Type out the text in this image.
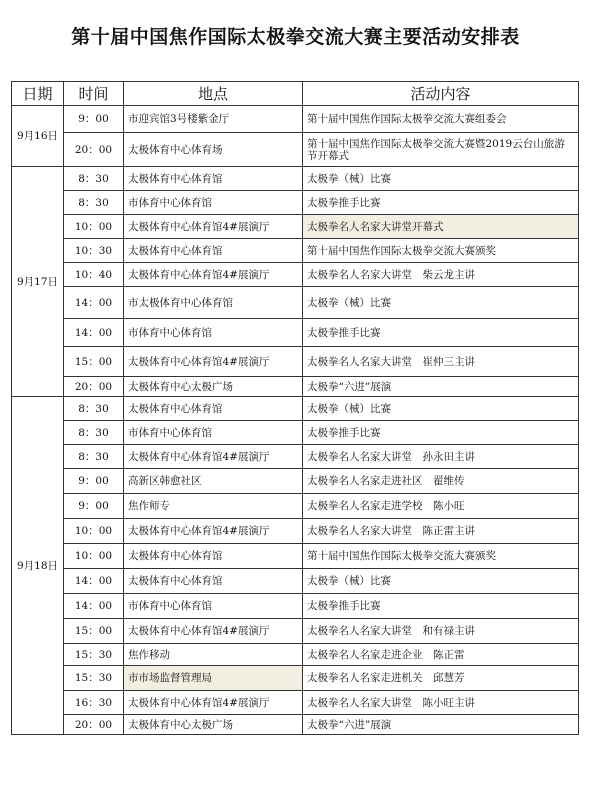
第十届中国焦作国际太极拳交流大赛主要活动安排表
日期	时间	地点	活动内容
9月16日	9：00	市迎宾馆3号楼紫金厅	第十届中国焦作国际太极拳交流大赛组委会
	20：00	太极体育中心体育场	第十届中国焦作国际太极拳交流大赛暨2019云台山旅游节开幕式
9月17日	8：30	太极体育中心体育馆	太极拳（械）比赛
	8：30	市体育中心体育馆	太极拳推手比赛
	10：00	太极体育中心体育馆4#展演厅	太极拳名人名家大讲堂开幕式
	10：30	太极体育中心体育馆	第十届中国焦作国际太极拳交流大赛颁奖
	10：40	太极体育中心体育馆4#展演厅	太极拳名人名家大讲堂　柴云龙主讲
	14：00	市太极体育中心体育馆	太极拳（械）比赛
	14：00	市体育中心体育馆	太极拳推手比赛
	15：00	太极体育中心体育馆4#展演厅	太极拳名人名家大讲堂　崔仲三主讲
	20：00	太极体育中心太极广场	太极拳“六进”展演
9月18日	8：30	太极体育中心体育馆	太极拳（械）比赛
	8：30	市体育中心体育馆	太极拳推手比赛
	8：30	太极体育中心体育馆4#展演厅	太极拳名人名家大讲堂　孙永田主讲
	9：00	高新区韩愈社区	太极拳名人名家走进社区　翟维传
	9：00	焦作师专	太极拳名人名家走进学校　陈小旺
	10：00	太极体育中心体育馆4#展演厅	太极拳名人名家大讲堂　陈正雷主讲
	10：00	太极体育中心体育馆	第十届中国焦作国际太极拳交流大赛颁奖
	14：00	太极体育中心体育馆	太极拳（械）比赛
	14：00	市体育中心体育馆	太极拳推手比赛
	15：00	太极体育中心体育馆4#展演厅	太极拳名人名家大讲堂　和有禄主讲
	15：30	焦作移动	太极拳名人名家走进企业　陈正雷
	15：30	市市场监督管理局	太极拳名人名家走进机关　邱慧芳
	16：30	太极体育中心体育馆4#展演厅	太极拳名人名家大讲堂　陈小旺主讲
	20：00	太极体育中心太极广场	太极拳“六进”展演
